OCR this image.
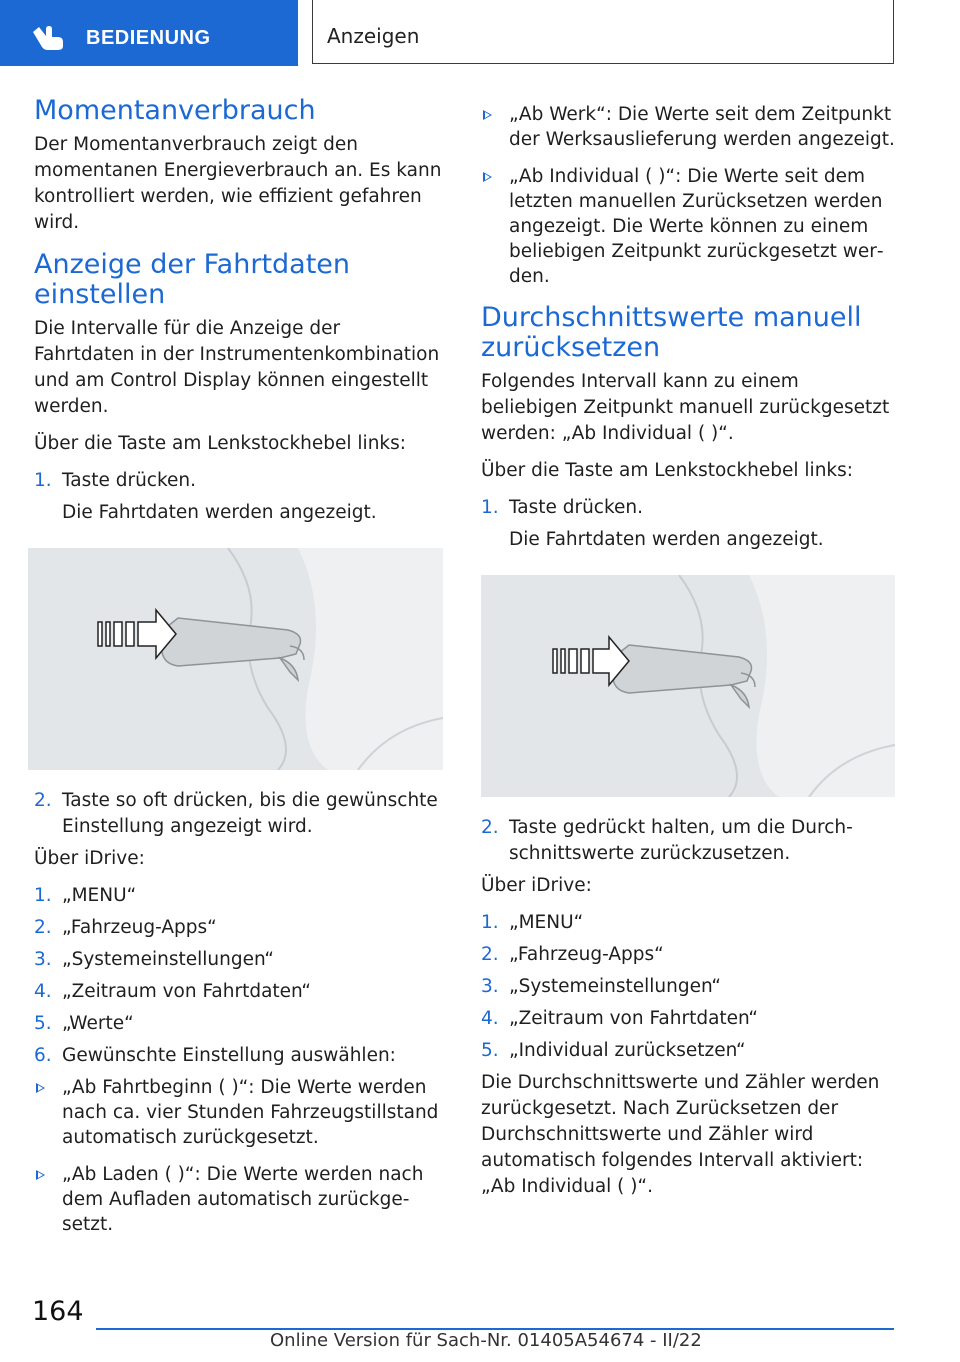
BEDIENUNG	Anzeigen
Momentanverbrauch

Der Momentanverbrauch zeigt den momentanen Energieverbrauch an. Es kann kontrolliert werden, wie effizient gefahren wird.

Anzeige der Fahrtdaten einstellen

Die Intervalle für die Anzeige der Fahrtdaten in der Instrumentenkombination und am Control Display können eingestellt werden.

Über die Taste am Lenkstockhebel links:

1. Taste drücken.
Die Fahrtdaten werden angezeigt.
2. Taste so oft drücken, bis die gewünschte Einstellung angezeigt wird.

Über iDrive:

1. „MENU“
2. „Fahrzeug-Apps“
3. „Systemeinstellungen“
4. „Zeitraum von Fahrtdaten“
5. „Werte“
6. Gewünschte Einstellung auswählen:
„Ab Fahrtbeginn ( )“: Die Werte werden nach ca. vier Stunden Fahrzeugstillstand automatisch zurückgesetzt.
„Ab Laden ( )“: Die Werte werden nach dem Aufladen automatisch zurückgesetzt.
„Ab Werk“: Die Werte seit dem Zeitpunkt der Werksauslieferung werden angezeigt.
„Ab Individual ( )“: Die Werte seit dem letzten manuellen Zurücksetzen werden angezeigt. Die Werte können zu einem beliebigen Zeitpunkt zurückgesetzt werden.
Durchschnittswerte manuell zurücksetzen

Folgendes Intervall kann zu einem beliebigen Zeitpunkt manuell zurückgesetzt werden: „Ab Individual ( )“.

Über die Taste am Lenkstockhebel links:

1. Taste drücken.
Die Fahrtdaten werden angezeigt.
2. Taste gedrückt halten, um die Durchschnittswerte zurückzusetzen.

Über iDrive:

1. „MENU“
2. „Fahrzeug-Apps“
3. „Systemeinstellungen“
4. „Zeitraum von Fahrtdaten“
5. „Individual zurücksetzen“

Die Durchschnittswerte und Zähler werden zurückgesetzt. Nach Zurücksetzen der Durchschnittswerte und Zähler wird automatisch folgendes Intervall aktiviert: „Ab Individual ( )“.

164
Online Version für Sach-Nr. 01405A54674 - II/22
